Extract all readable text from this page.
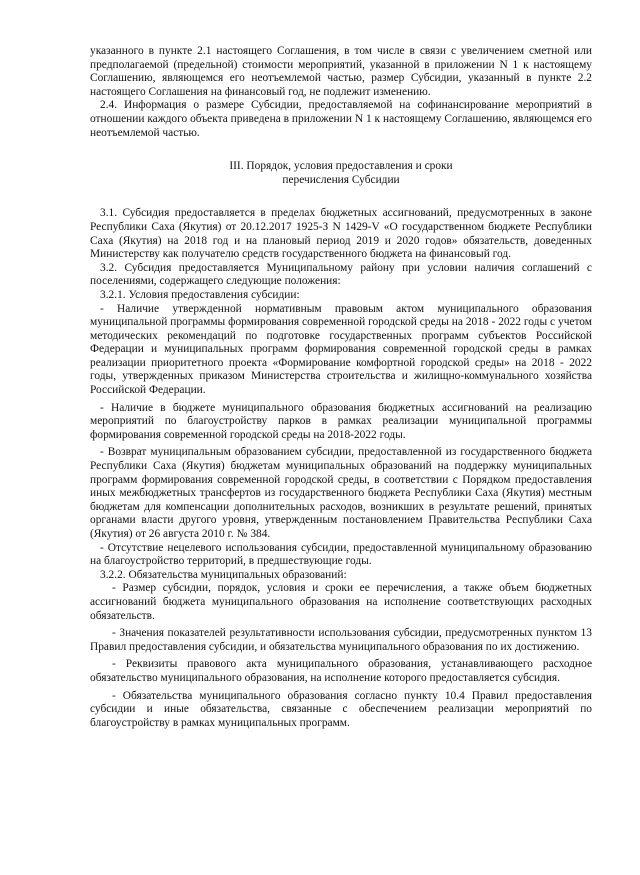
указанного в пункте 2.1 настоящего Соглашения, в том числе в связи с увеличением сметной или предполагаемой (предельной) стоимости мероприятий, указанной в приложении N 1 к настоящему Соглашению, являющемся его неотъемлемой частью, размер Субсидии, указанный в пункте 2.2 настоящего Соглашения на финансовый год, не подлежит изменению.

2.4. Информация о размере Субсидии, предоставляемой на софинансирование мероприятий в отношении каждого объекта приведена в приложении N 1 к настоящему Соглашению, являющемся его неотъемлемой частью.

III. Порядок, условия предоставления и сроки
перечисления Субсидии

3.1. Субсидия предоставляется в пределах бюджетных ассигнований, предусмотренных в законе Республики Саха (Якутия) от 20.12.2017 1925-З N 1429-V «О государственном бюджете Республики Саха (Якутия) на 2018 год и на плановый период 2019 и 2020 годов» обязательств, доведенных Министерству как получателю средств государственного бюджета на финансовый год.

3.2. Субсидия предоставляется Муниципальному району при условии наличия соглашений с поселениями, содержащего следующие положения:

3.2.1. Условия предоставления субсидии:

- Наличие утвержденной нормативным правовым актом муниципального образования муниципальной программы формирования современной городской среды на 2018 - 2022 годы с учетом методических рекомендаций по подготовке государственных программ субъектов Российской Федерации и муниципальных программ формирования современной городской среды в рамках реализации приоритетного проекта «Формирование комфортной городской среды» на 2018 - 2022 годы, утвержденных приказом Министерства строительства и жилищно-коммунального хозяйства Российской Федерации.

- Наличие в бюджете муниципального образования бюджетных ассигнований на реализацию мероприятий по благоустройству парков в рамках реализации муниципальной программы формирования современной городской среды на 2018-2022 годы.

- Возврат муниципальным образованием субсидии, предоставленной из государственного бюджета Республики Саха (Якутия) бюджетам муниципальных образований на поддержку муниципальных программ формирования современной городской среды, в соответствии с Порядком предоставления иных межбюджетных трансфертов из государственного бюджета Республики Саха (Якутия) местным бюджетам для компенсации дополнительных расходов, возникших в результате решений, принятых органами власти другого уровня, утвержденным постановлением Правительства Республики Саха (Якутия) от 26 августа 2010 г. № 384.

- Отсутствие нецелевого использования субсидии, предоставленной муниципальному образованию на благоустройство территорий, в предшествующие годы.

3.2.2. Обязательства муниципальных образований:

- Размер субсидии, порядок, условия и сроки ее перечисления, а также объем бюджетных ассигнований бюджета муниципального образования на исполнение соответствующих расходных обязательств.

- Значения показателей результативности использования субсидии, предусмотренных пунктом 13 Правил предоставления субсидии, и обязательства муниципального образования по их достижению.

- Реквизиты правового акта муниципального образования, устанавливающего расходное обязательство муниципального образования, на исполнение которого предоставляется субсидия.

- Обязательства муниципального образования согласно пункту 10.4 Правил предоставления субсидии и иные обязательства, связанные с обеспечением реализации мероприятий по благоустройству в рамках муниципальных программ.
